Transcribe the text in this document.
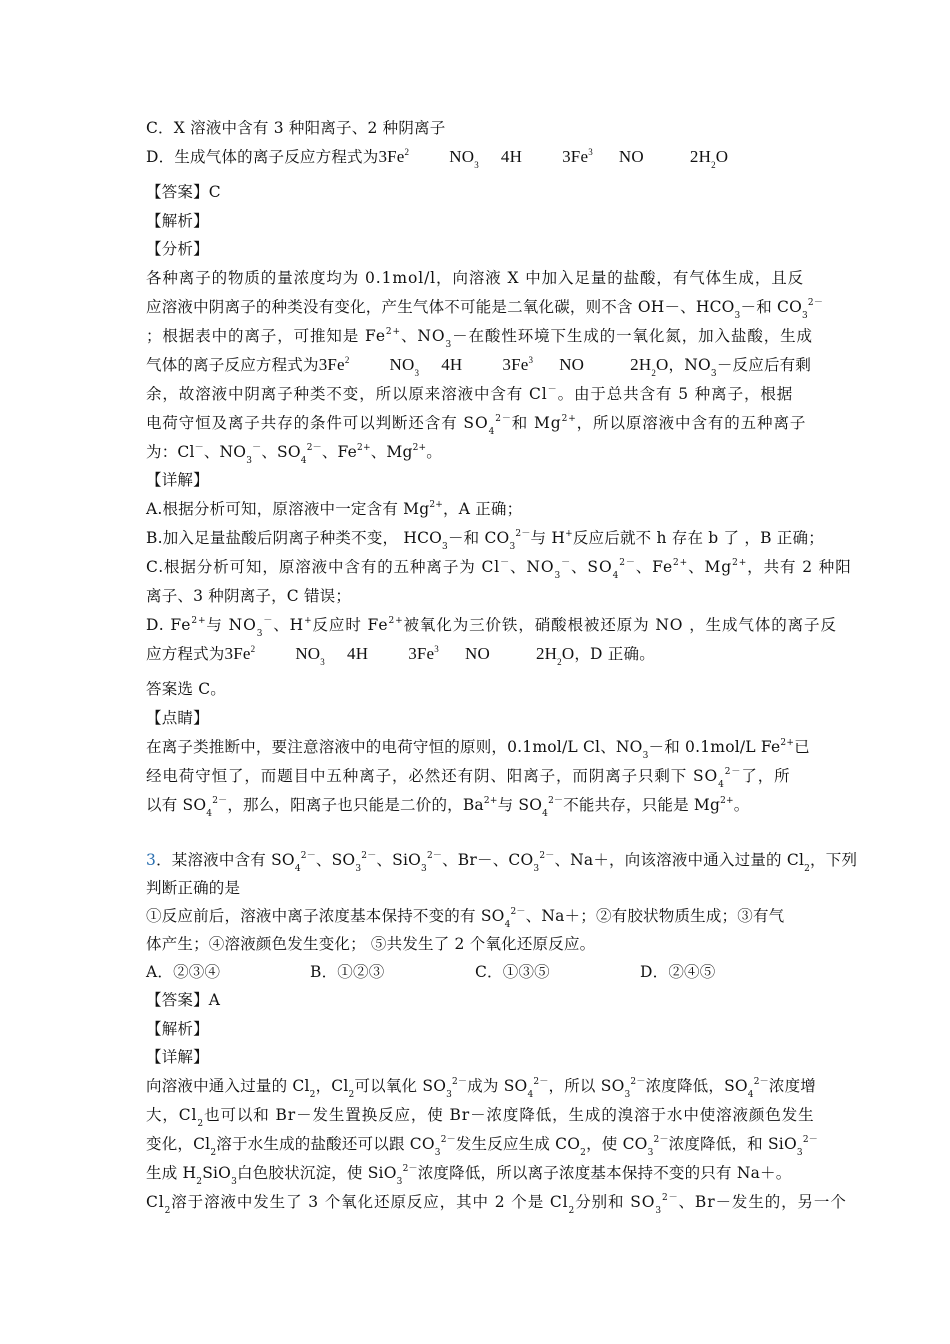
C．X 溶液中含有 3 种阳离子、2 种阴离子
D．生成气体的离子反应方程式为3Fe$^2$ $NO_3$ 4H 3Fe$^3$ NO	$2H_2O$
【答案】C
【解析】
【分析】
各种离子的物质的量浓度均为 0.1mol/l，向溶液 X 中加入足量的盐酸，有气体生成，且反
应溶液中阴离子的种类没有变化，产生气体不可能是二氧化碳，则不含 OH－、$HCO_3-$和 $CO_3^{2-}$
；根据表中的离子，可推知是 $Fe^{2+}$、$NO_3-$在酸性环境下生成的一氧化氮，加入盐酸，生成
气体的离子反应方程式为3Fe$^2$ $NO_3$ 4H 3Fe$^3$ NO	$2H_2O$，$NO_3-$反应后有剩
余，故溶液中阴离子种类不变，所以原来溶液中含有 Cl－。由于总共含有 5 种离子，根据
电荷守恒及离子共存的条件可以判断还含有 $SO_4^{2-}$和 $Mg^{2+}$，所以原溶液中含有的五种离子
为：Cl－、$NO_3^-$、$SO_4^{2-}$、$Fe^{2+}$、$Mg^{2+}$。
【详解】
A.根据分析可知，原溶液中一定含有 $Mg^{2+}$，A 正确；
B.加入足量盐酸后阴离子种类不变， $HCO_3-$和 $CO_3^{2-}$与 H+反应后就不 h 存在 b 了 ，B 正确；
C.根据分析可知，原溶液中含有的五种离子为 Cl－、$NO_3^-$、$SO_4^{2-}$、$Fe^{2+}$、$Mg^{2+}$，共有 2 种阳
离子、3 种阴离子，C 错误；
D. $Fe^{2+}$与 $NO_3^-$、H+反应时 $Fe^{2+}$被氧化为三价铁，硝酸根被还原为 NO ，生成气体的离子反
应方程式为3Fe$^2$ $NO_3$ 4H 3Fe$^3$ NO	$2H_2O$，D 正确。
答案选 C。
【点睛】
在离子类推断中，要注意溶液中的电荷守恒的原则，0.1mol/L Cl、$NO_3-$和 0.1mol/L $Fe^{2+}$已
经电荷守恒了，而题目中五种离子，必然还有阴、阳离子，而阴离子只剩下 $SO_4^{2-}$了，所
以有 $SO_4^{2-}$，那么，阳离子也只能是二价的，$Ba^{2+}$与 $SO_4^{2-}$不能共存，只能是 $Mg^{2+}$。
3．某溶液中含有 $SO_4^{2-}$、$SO_3^{2-}$、SiO$_3^{2-}$、Br－、$CO_3^{2-}$、Na＋，向该溶液中通入过量的 $Cl_2$，下列
判断正确的是
①反应前后，溶液中离子浓度基本保持不变的有 $SO_4^{2-}$、Na＋；②有胶状物质生成；③有气
体产生；④溶液颜色发生变化； ⑤共发生了 2 个氧化还原反应。
A．②③④	B．①②③	C．①③⑤	D．②④⑤
【答案】A
【解析】
【详解】
向溶液中通入过量的 $Cl_2$，$Cl_2$可以氧化 $SO_3^{2-}$成为 $SO_4^{2-}$，所以 $SO_3^{2-}$浓度降低，$SO_4^{2-}$浓度增
大，$Cl_2$也可以和 Br－发生置换反应，使 Br－浓度降低，生成的溴溶于水中使溶液颜色发生
变化，$Cl_2$溶于水生成的盐酸还可以跟 $CO_3^{2-}$发生反应生成 $CO_2$，使 $CO_3^{2-}$浓度降低，和 SiO$_3^{2-}$
生成 $H_2SiO_3$白色胶状沉淀，使 SiO$_3^{2-}$浓度降低，所以离子浓度基本保持不变的只有 Na＋。
$Cl_2$溶于溶液中发生了 3 个氧化还原反应，其中 2 个是 $Cl_2$分别和 $SO_3^{2-}$、Br－发生的，另一个
